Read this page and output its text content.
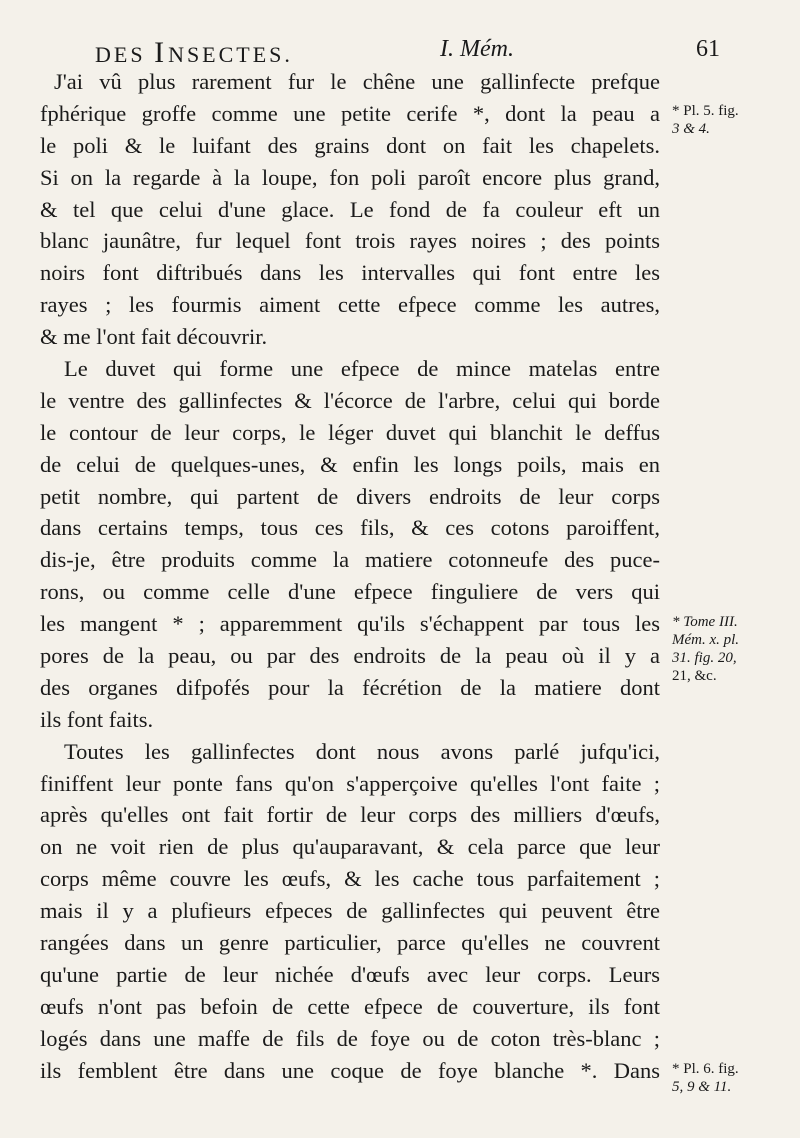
DES INSECTES.	I. Mém.	61
J'ai vû plus rarement fur le chêne une gallinfecte prefque
fphérique groffe comme une petite cerife *, dont la peau a
le poli & le luifant des grains dont on fait les chapelets.
Si on la regarde à la loupe, fon poli paroît encore plus grand,
& tel que celui d'une glace. Le fond de fa couleur eft un
blanc jaunâtre, fur lequel font trois rayes noires ; des points
noirs font diftribués dans les intervalles qui font entre les
rayes ; les fourmis aiment cette efpece comme les autres,
& me l'ont fait découvrir.
Le duvet qui forme une efpece de mince matelas entre
le ventre des gallinfectes & l'écorce de l'arbre, celui qui borde
le contour de leur corps, le léger duvet qui blanchit le deffus
de celui de quelques-unes, & enfin les longs poils, mais en
petit nombre, qui partent de divers endroits de leur corps
dans certains temps, tous ces fils, & ces cotons paroiffent,
dis-je, être produits comme la matiere cotonneufe des puce-
rons, ou comme celle d'une efpece finguliere de vers qui
les mangent * ; apparemment qu'ils s'échappent par tous les
pores de la peau, ou par des endroits de la peau où il y a
des organes difpofés pour la fécrétion de la matiere dont
ils font faits.
Toutes les gallinfectes dont nous avons parlé jufqu'ici,
finiffent leur ponte fans qu'on s'apperçoive qu'elles l'ont faite ;
après qu'elles ont fait fortir de leur corps des milliers d'œufs,
on ne voit rien de plus qu'auparavant, & cela parce que leur
corps même couvre les œufs, & les cache tous parfaitement ;
mais il y a plufieurs efpeces de gallinfectes qui peuvent être
rangées dans un genre particulier, parce qu'elles ne couvrent
qu'une partie de leur nichée d'œufs avec leur corps. Leurs
œufs n'ont pas befoin de cette efpece de couverture, ils font
logés dans une maffe de fils de foye ou de coton très-blanc ;
ils femblent être dans une coque de foye blanche *. Dans
* Pl. 5. fig.
3 & 4.
* Tome III.
Mém. x. pl.
31. fig. 20,
21, &c.
* Pl. 6. fig.
5, 9 & 11.
